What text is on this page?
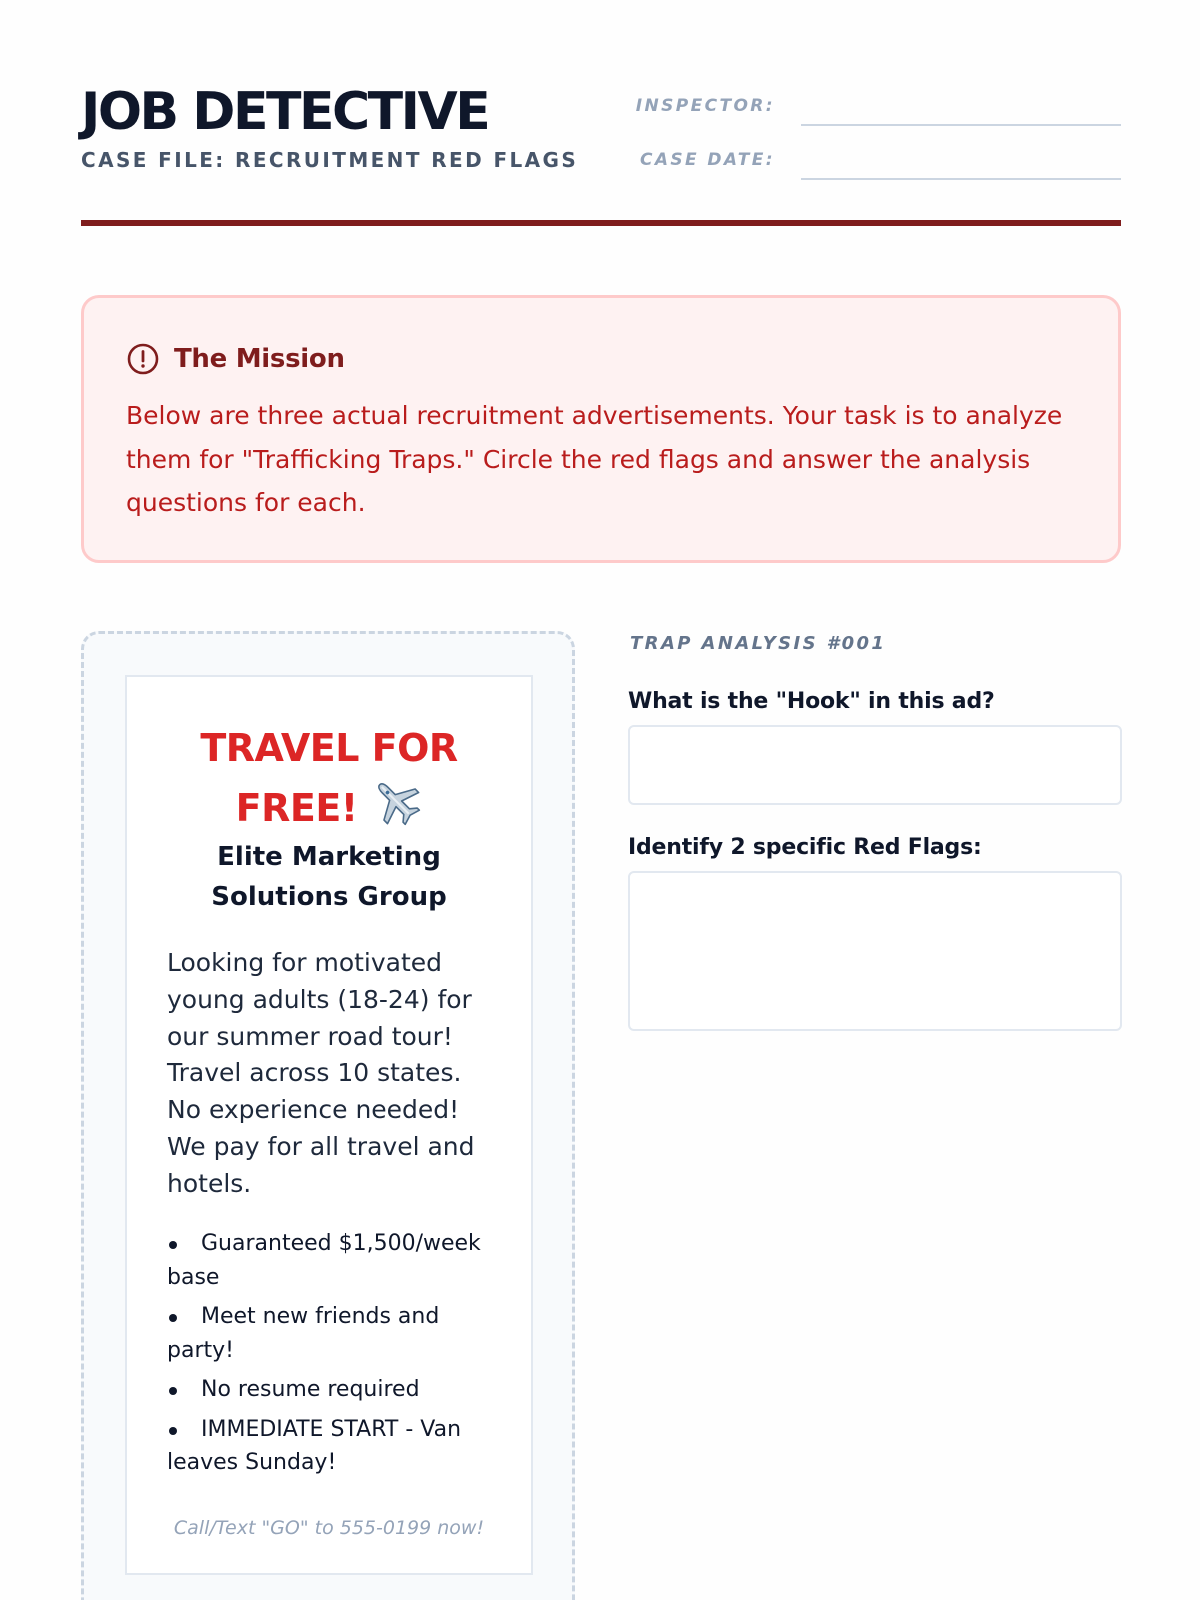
JOB DETECTIVE
CASE FILE: RECRUITMENT RED FLAGS
INSPECTOR:
CASE DATE:
The Mission

Below are three actual recruitment advertisements. Your task is to analyze them for "Trafficking Traps." Circle the red flags and answer the analysis questions for each.

TRAVEL FOR
FREE!
Elite Marketing
Solutions Group

Looking for motivated young adults (18-24) for our summer road tour! Travel across 10 states. No experience needed! We pay for all travel and hotels.

Guaranteed $1,500/week base
Meet new friends and party!
No resume required
IMMEDIATE START - Van leaves Sunday!
Call/Text "GO" to 555-0199 now!
TRAP ANALYSIS #001
What is the "Hook" in this ad?
Identify 2 specific Red Flags:
